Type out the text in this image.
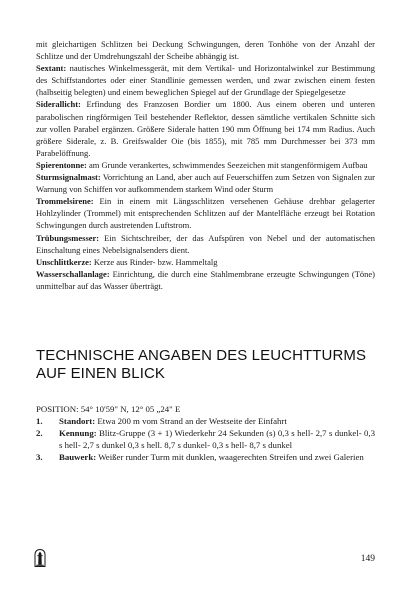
mit gleichartigen Schlitzen bei Deckung Schwingungen, deren Tonhöhe von der Anzahl der Schlitze und der Umdrehungszahl der Scheibe abhängig ist.

Sextant: nautisches Winkelmessgerät, mit dem Vertikal- und Horizontalwinkel zur Bestimmung des Schiffstandortes oder einer Standlinie gemessen werden, und zwar zwischen einem festen (halbseitig belegten) und einem beweglichen Spiegel auf der Grundlage der Spiegelgesetze

Siderallicht: Erfindung des Franzosen Bordier um 1800. Aus einem oberen und unteren parabolischen ringförmigen Teil bestehender Reflektor, dessen sämtliche vertikalen Schnitte sich zur vollen Parabel ergänzen. Größere Siderale hatten 190 mm Öffnung bei 174 mm Radius. Auch größere Siderale, z. B. Greifswalder Oie (bis 1855), mit 785 mm Durchmesser bei 373 mm Parabelöffnung.

Spierentonne: am Grunde verankertes, schwimmendes Seezeichen mit stangenförmigem Aufbau

Sturmsignalmast: Vorrichtung an Land, aber auch auf Feuerschiffen zum Setzen von Signalen zur Warnung von Schiffen vor aufkommendem starkem Wind oder Sturm

Trommelsirene: Ein in einem mit Längsschlitzen versehenen Gehäuse drehbar gelagerter Hohlzylinder (Trommel) mit entsprechenden Schlitzen auf der Mantelfläche erzeugt bei Rotation Schwingungen durch austretenden Luftstrom.

Trübungsmesser: Ein Sichtschreiber, der das Aufspüren von Nebel und der automatischen Einschaltung eines Nebelsignalsenders dient.

Unschlittkerze: Kerze aus Rinder- bzw. Hammeltalg

Wasserschallanlage: Einrichtung, die durch eine Stahlmembrane erzeugte Schwingungen (Töne) unmittelbar auf das Wasser überträgt.

TECHNISCHE ANGABEN DES LEUCHTTURMS AUF EINEN BLICK
POSITION: 54° 10'59" N, 12° 05 „24" E
1. Standort: Etwa 200 m vom Strand an der Westseite der Einfahrt
2. Kennung: Blitz-Gruppe (3 + 1) Wiederkehr 24 Sekunden (s) 0,3 s hell- 2,7 s dunkel- 0,3 s hell- 2,7 s dunkel 0,3 s hell. 8,7 s dunkel- 0,3 s hell- 8,7 s dunkel
3. Bauwerk: Weißer runder Turm mit dunklen, waagerechten Streifen und zwei Galerien
149
